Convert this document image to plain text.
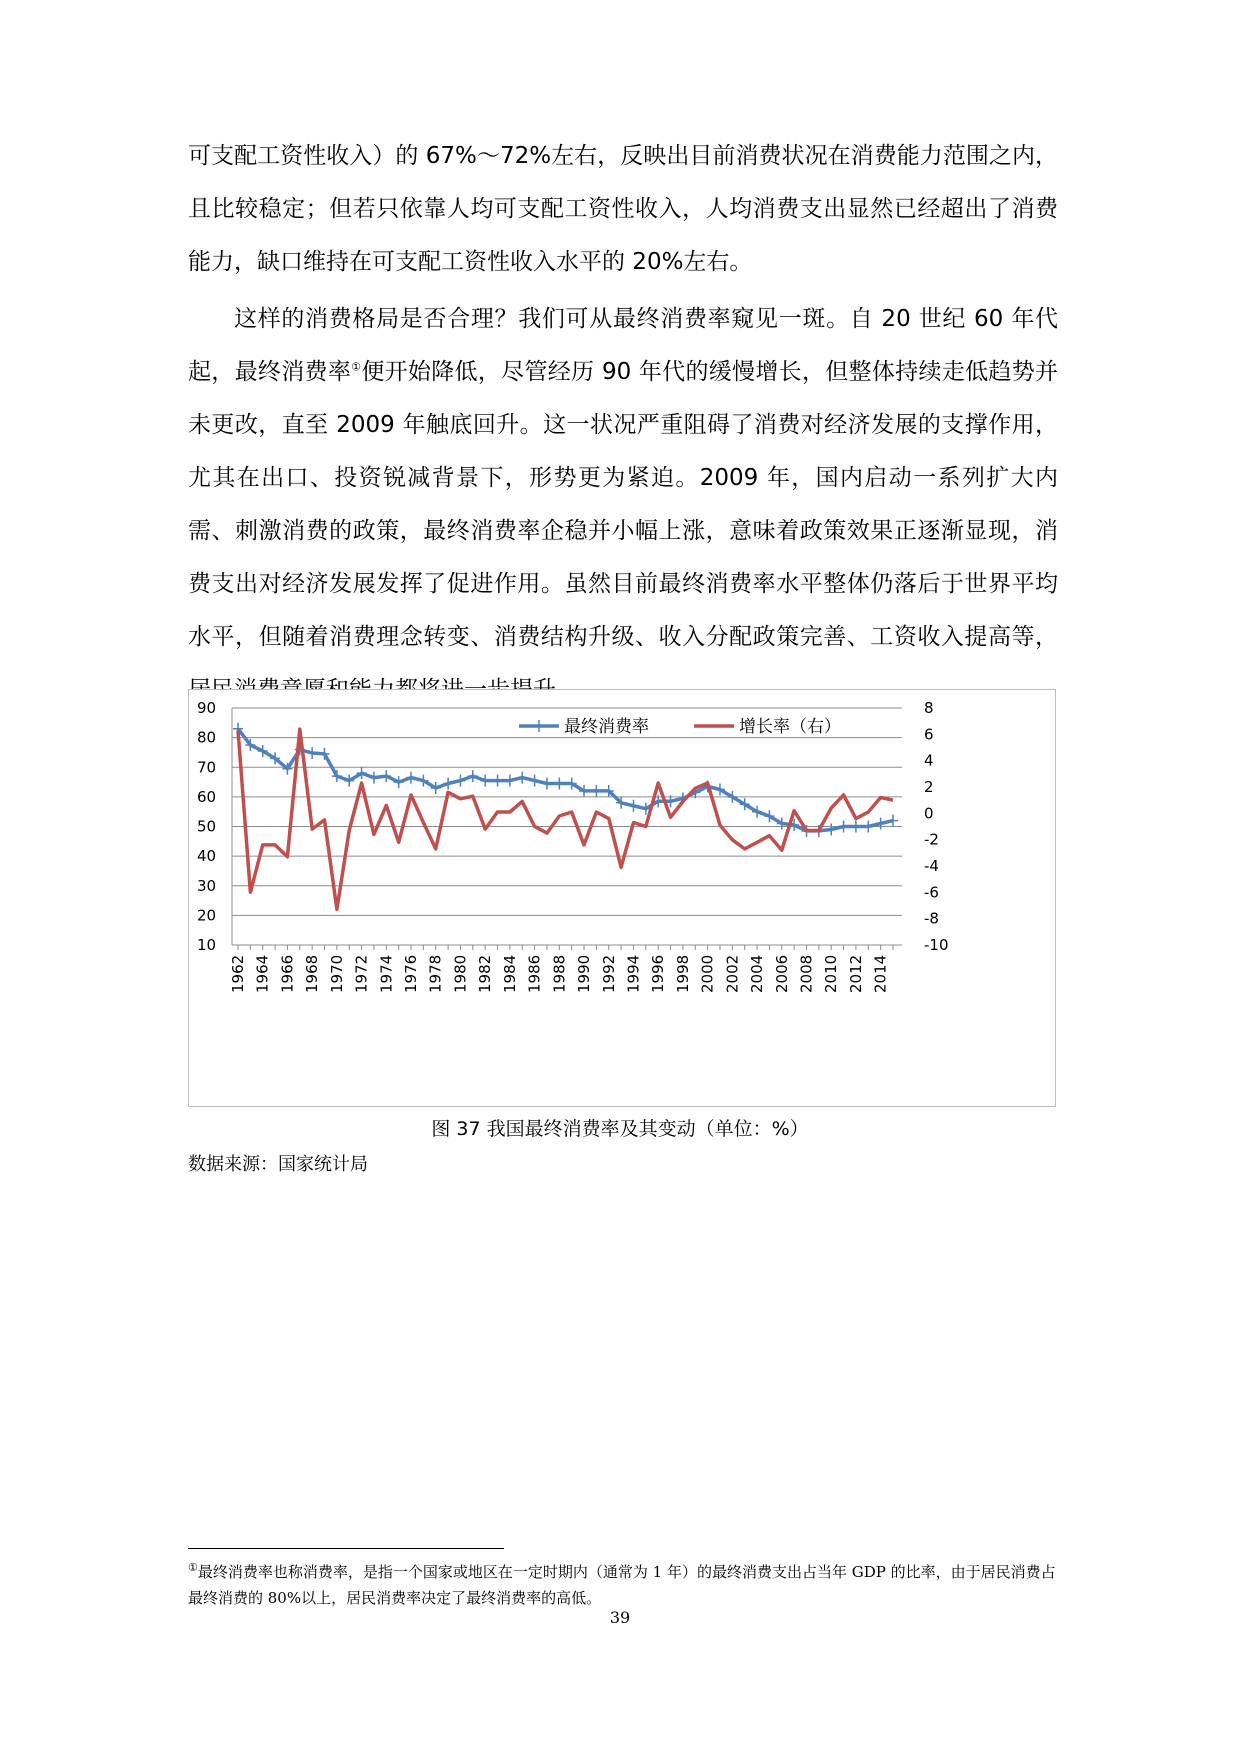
可支配工资性收入）的 67%～72%左右，反映出目前消费状况在消费能力范围之内，且比较稳定；但若只依靠人均可支配工资性收入，人均消费支出显然已经超出了消费能力，缺口维持在可支配工资性收入水平的 20%左右。

这样的消费格局是否合理？我们可从最终消费率窥见一斑。自 20 世纪 60 年代起，最终消费率①便开始降低，尽管经历 90 年代的缓慢增长，但整体持续走低趋势并未更改，直至 2009 年触底回升。这一状况严重阻碍了消费对经济发展的支撑作用，尤其在出口、投资锐减背景下，形势更为紧迫。2009 年，国内启动一系列扩大内需、刺激消费的政策，最终消费率企稳并小幅上涨，意味着政策效果正逐渐显现，消费支出对经济发展发挥了促进作用。虽然目前最终消费率水平整体仍落后于世界平均水平，但随着消费理念转变、消费结构升级、收入分配政策完善、工资收入提高等，

10
20
30
40
50
60
70
80
90
-10
-8
-6
-4
-2
0
2
4
6
8
1962 1964 1966 1968 1970 1972 1974 1976 1978 1980 1982 1984 1986 1988 1990 1992 1994 1996 1998 2000 2002 2004 2006 2008 2010 2012 2014
最终消费率	增长率（右）
图 37 我国最终消费率及其变动（单位：%）
数据来源：国家统计局
①最终消费率也称消费率，是指一个国家或地区在一定时期内（通常为 1 年）的最终消费支出占当年 GDP 的比率，由于居民消费占最终消费的 80%以上，居民消费率决定了最终消费率的高低。
39
